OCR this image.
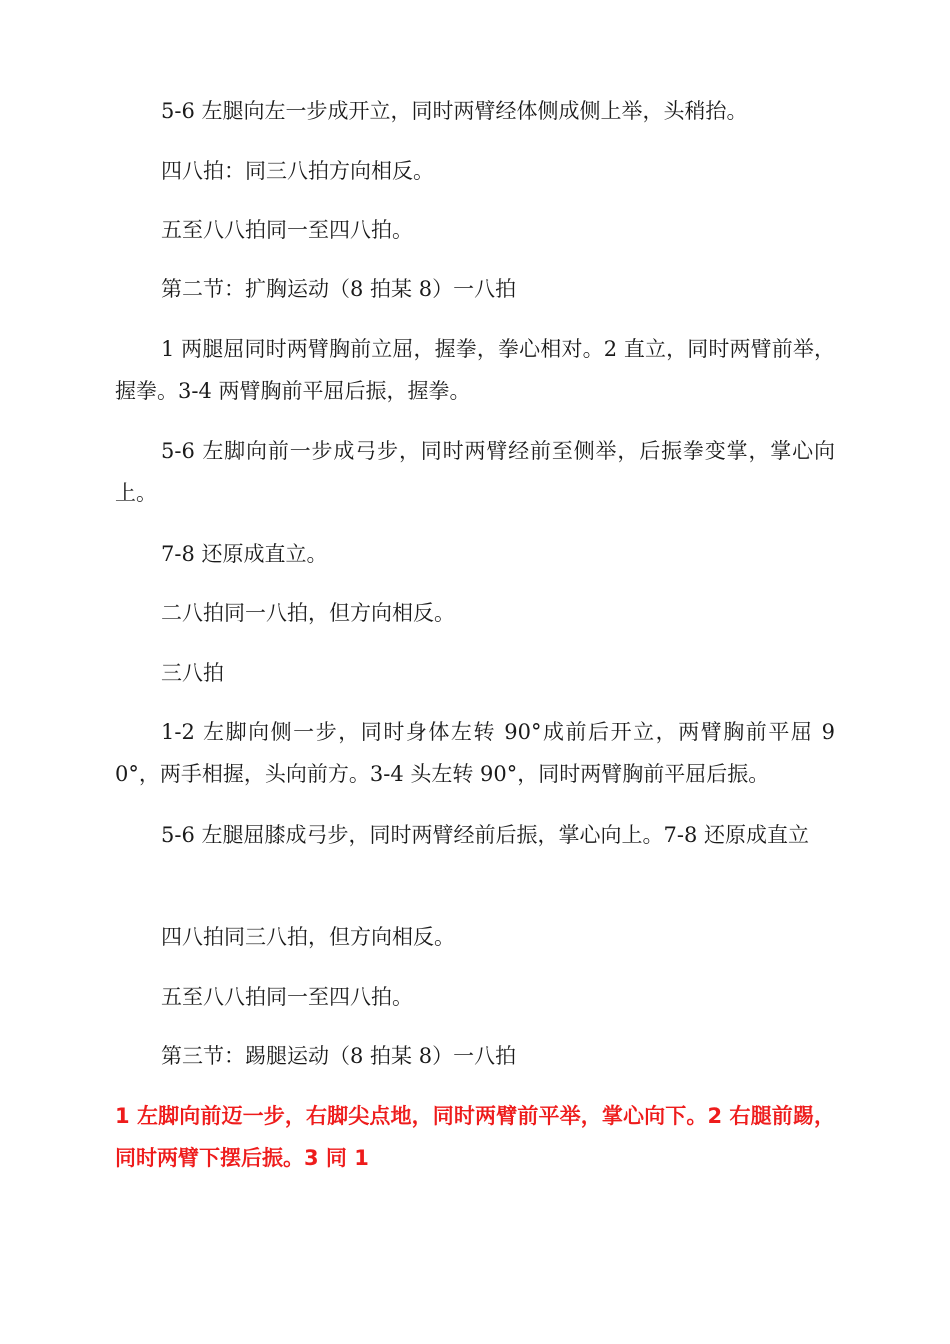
5-6 左腿向左一步成开立，同时两臂经体侧成侧上举，头稍抬。

四八拍：同三八拍方向相反。

五至八八拍同一至四八拍。

第二节：扩胸运动（8 拍某 8）一八拍

1 两腿屈同时两臂胸前立屈，握拳，拳心相对。2 直立，同时两臂前举，握拳。3-4 两臂胸前平屈后振，握拳。

5-6 左脚向前一步成弓步，同时两臂经前至侧举，后振拳变掌，掌心向上。

7-8 还原成直立。

二八拍同一八拍，但方向相反。

三八拍

1-2 左脚向侧一步，同时身体左转 90°成前后开立，两臂胸前平屈 90°，两手相握，头向前方。3-4 头左转 90°，同时两臂胸前平屈后振。

5-6 左腿屈膝成弓步，同时两臂经前后振，掌心向上。7-8 还原成直立

四八拍同三八拍，但方向相反。

五至八八拍同一至四八拍。

第三节：踢腿运动（8 拍某 8）一八拍

1 左脚向前迈一步，右脚尖点地，同时两臂前平举，掌心向下。2 右腿前踢，同时两臂下摆后振。3 同 1
